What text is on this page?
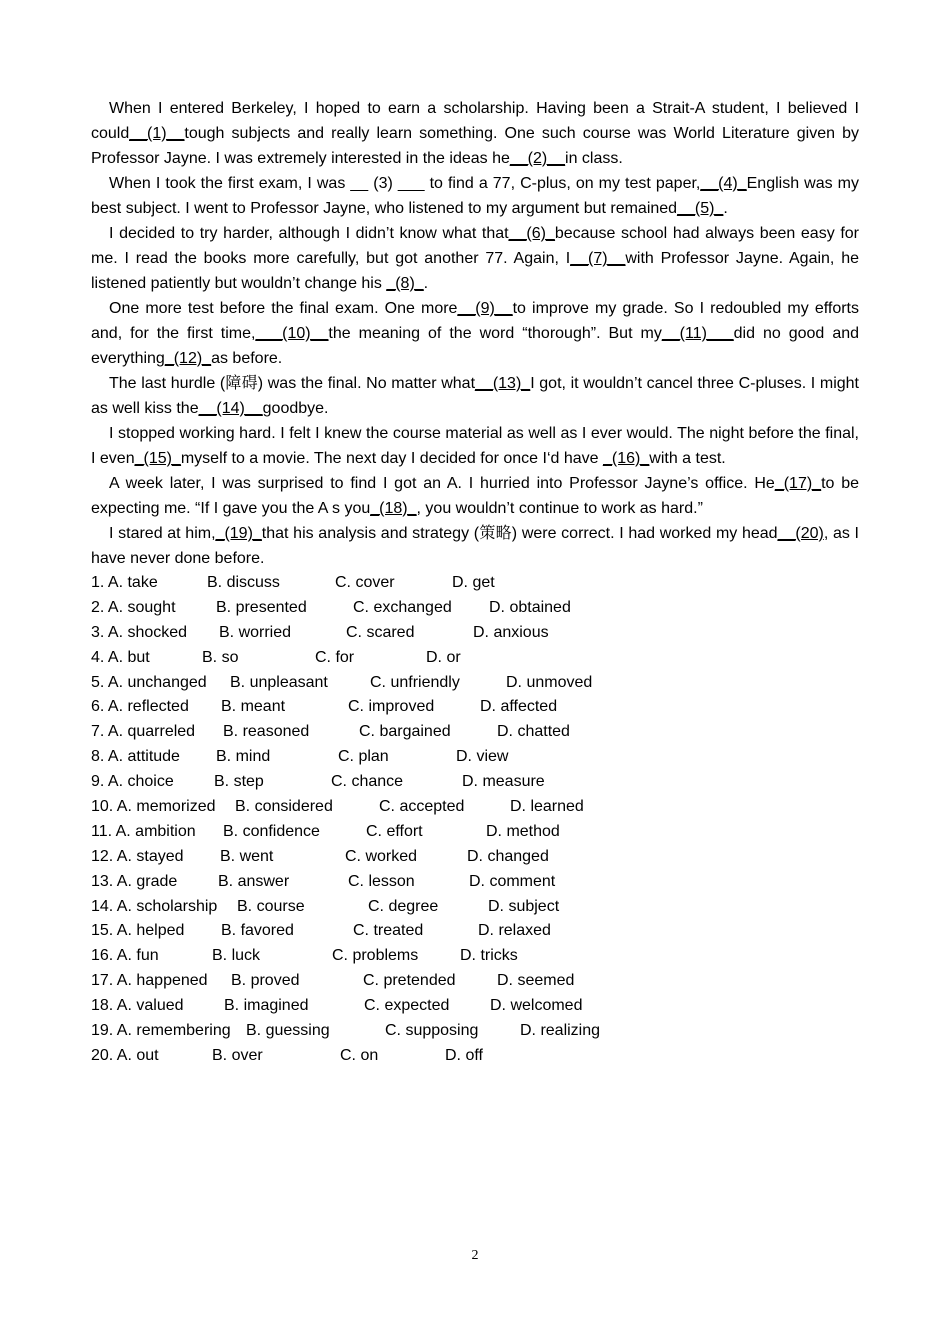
When I entered Berkeley, I hoped to earn a scholarship. Having been a Strait-A student, I believed I could__(1)__tough subjects and really learn something. One such course was World Literature given by Professor Jayne. I was extremely interested in the ideas he__(2)__in class.

When I took the first exam, I was __ (3) ___ to find a 77, C-plus, on my test paper,__(4)_English was my best subject. I went to Professor Jayne, who listened to my argument but remained__(5)_.

I decided to try harder, although I didn’t know what that__(6)_because school had always been easy for me. I read the books more carefully, but got another 77. Again, I__(7)__with Professor Jayne. Again, he listened patiently but wouldn’t change his _(8)_.

One more test before the final exam. One more__(9)__to improve my grade. So I redoubled my efforts and, for the first time,___(10)__the meaning of the word “thorough”. But my__(11)___did no good and everything_(12)_as before.

The last hurdle (障碍) was the final. No matter what__(13)_I got, it wouldn’t cancel three C-pluses. I might as well kiss the__(14)__goodbye.

I stopped working hard. I felt I knew the course material as well as I ever would. The night before the final, I even_(15)_myself to a movie. The next day I decided for once I‘d have _(16)_with a test.

A week later, I was surprised to find I got an A. I hurried into Professor Jayne’s office. He_(17)_to be expecting me. “If I gave you the A s you_(18)_, you wouldn’t continue to work as hard.”

I stared at him,_(19)_that his analysis and strategy (策略) were correct. I had worked my head__(20), as I have never done before.

1. A. take	B. discuss	C. cover	D. get
2. A. sought	B. presented	C. exchanged D. obtained
3. A. shocked B. worried	C. scared	D. anxious
4. A. but	B. so	C. for	D. or
5. A. unchanged B. unpleasant	C. unfriendly	D. unmoved
6. A. reflected B. meant	C. improved	D. affected
7. A. quarreled B. reasoned	C. bargained	D. chatted
8. A. attitude B. mind	C. plan	D. view
9. A. choice	B. step	C. chance	D. measure
10. A. memorized B. considered	C. accepted	D. learned
11. A. ambition B. confidence	C. effort	D. method
12. A. stayed B. went	C. worked	D. changed
13. A. grade	B. answer	C. lesson	D. comment
14. A. scholarship B. course	C. degree	D. subject
15. A. helped B. favored	C. treated	D. relaxed
16. A. fun	B. luck	C. problems	D. tricks
17. A. happened B. proved	C. pretended	D. seemed
18. A. valued	B. imagined	C. expected	D. welcomed
19. A. remembering B. guessing	C. supposing	D. realizing
20. A. out	B. over	C. on	D. off
2
